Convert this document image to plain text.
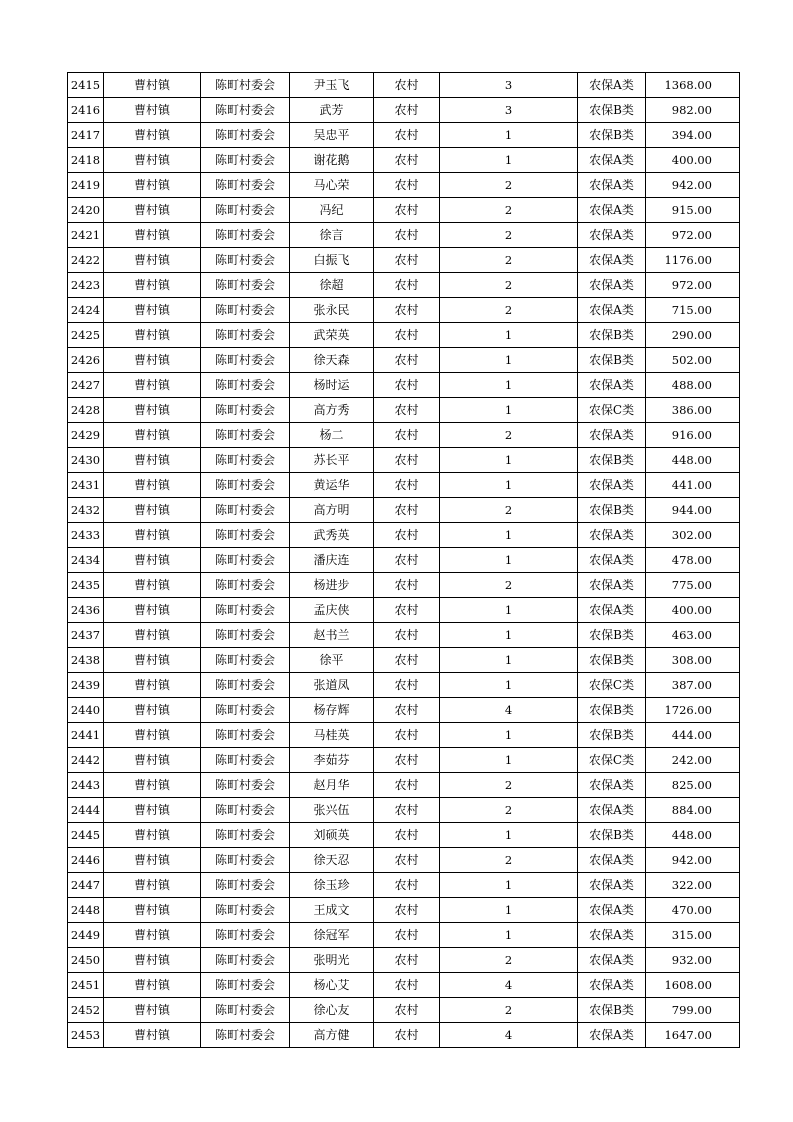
2415	曹村镇	陈町村委会	尹玉飞	农村	3	农保A类	1368.00
2416	曹村镇	陈町村委会	武芳	农村	3	农保B类	982.00
2417	曹村镇	陈町村委会	吴忠平	农村	1	农保B类	394.00
2418	曹村镇	陈町村委会	谢花鹅	农村	1	农保A类	400.00
2419	曹村镇	陈町村委会	马心荣	农村	2	农保A类	942.00
2420	曹村镇	陈町村委会	冯纪	农村	2	农保A类	915.00
2421	曹村镇	陈町村委会	徐言	农村	2	农保A类	972.00
2422	曹村镇	陈町村委会	白振飞	农村	2	农保A类	1176.00
2423	曹村镇	陈町村委会	徐超	农村	2	农保A类	972.00
2424	曹村镇	陈町村委会	张永民	农村	2	农保A类	715.00
2425	曹村镇	陈町村委会	武荣英	农村	1	农保B类	290.00
2426	曹村镇	陈町村委会	徐天森	农村	1	农保B类	502.00
2427	曹村镇	陈町村委会	杨时运	农村	1	农保A类	488.00
2428	曹村镇	陈町村委会	高方秀	农村	1	农保C类	386.00
2429	曹村镇	陈町村委会	杨二	农村	2	农保A类	916.00
2430	曹村镇	陈町村委会	苏长平	农村	1	农保B类	448.00
2431	曹村镇	陈町村委会	黄运华	农村	1	农保A类	441.00
2432	曹村镇	陈町村委会	高方明	农村	2	农保B类	944.00
2433	曹村镇	陈町村委会	武秀英	农村	1	农保A类	302.00
2434	曹村镇	陈町村委会	潘庆连	农村	1	农保A类	478.00
2435	曹村镇	陈町村委会	杨进步	农村	2	农保A类	775.00
2436	曹村镇	陈町村委会	孟庆侠	农村	1	农保A类	400.00
2437	曹村镇	陈町村委会	赵书兰	农村	1	农保B类	463.00
2438	曹村镇	陈町村委会	徐平	农村	1	农保B类	308.00
2439	曹村镇	陈町村委会	张道凤	农村	1	农保C类	387.00
2440	曹村镇	陈町村委会	杨存辉	农村	4	农保B类	1726.00
2441	曹村镇	陈町村委会	马桂英	农村	1	农保B类	444.00
2442	曹村镇	陈町村委会	李茹芬	农村	1	农保C类	242.00
2443	曹村镇	陈町村委会	赵月华	农村	2	农保A类	825.00
2444	曹村镇	陈町村委会	张兴伍	农村	2	农保A类	884.00
2445	曹村镇	陈町村委会	刘硕英	农村	1	农保B类	448.00
2446	曹村镇	陈町村委会	徐天忍	农村	2	农保A类	942.00
2447	曹村镇	陈町村委会	徐玉珍	农村	1	农保A类	322.00
2448	曹村镇	陈町村委会	王成文	农村	1	农保A类	470.00
2449	曹村镇	陈町村委会	徐冠军	农村	1	农保A类	315.00
2450	曹村镇	陈町村委会	张明光	农村	2	农保A类	932.00
2451	曹村镇	陈町村委会	杨心艾	农村	4	农保A类	1608.00
2452	曹村镇	陈町村委会	徐心友	农村	2	农保B类	799.00
2453	曹村镇	陈町村委会	高方健	农村	4	农保A类	1647.00
